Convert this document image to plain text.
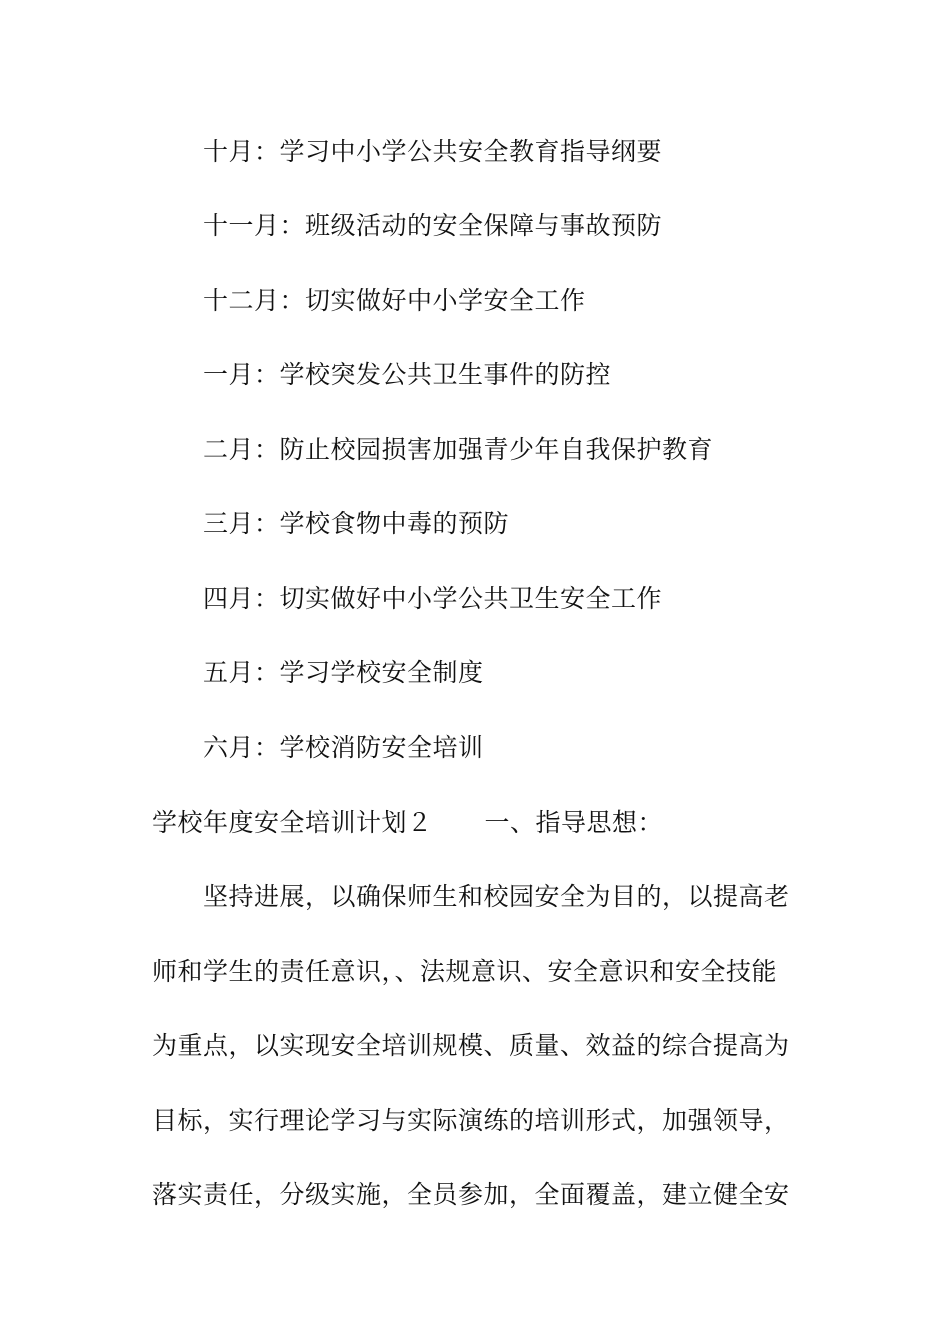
十月：学习中小学公共安全教育指导纲要
十一月：班级活动的安全保障与事故预防
十二月：切实做好中小学安全工作
一月：学校突发公共卫生事件的防控
二月：防止校园损害加强青少年自我保护教育
三月：学校食物中毒的预防
四月：切实做好中小学公共卫生安全工作
五月：学习学校安全制度
六月：学校消防安全培训
学校年度安全培训计划２ 一、指导思想：
坚持进展，以确保师生和校园安全为目的，以提高老
师和学生的责任意识，、法规意识、安全意识和安全技能
为重点，以实现安全培训规模、质量、效益的综合提高为
目标，实行理论学习与实际演练的培训形式，加强领导，
落实责任，分级实施，全员参加，全面覆盖，建立健全安
